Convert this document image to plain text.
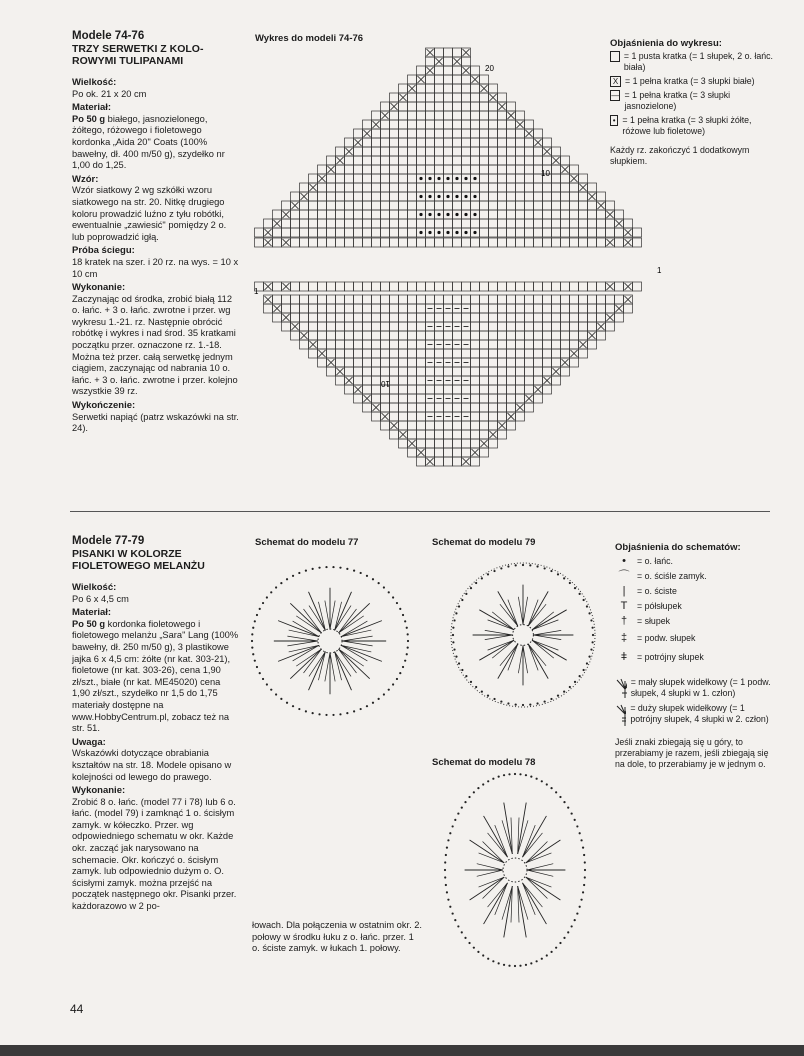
Modele 74-76

TRZY SERWETKI Z KOLO-

ROWYMI TULIPANAMI

Wielkość:

Po ok. 21 x 20 cm

Materiał:

Po 50 g białego, jasnozielonego, żółtego, różowego i fioletowego kordonka „Aida 20" Coats (100% bawełny, dł. 400 m/50 g), szydełko nr 1,00 do 1,25.

Wzór:

Wzór siatkowy 2 wg szkółki wzoru siatkowego na str. 20. Nitkę drugiego koloru prowadzić luźno z tyłu robótki, ewentualnie „zawiesić" pomiędzy 2 o. lub poprowadzić igłą.

Próba ściegu:

18 kratek na szer. i 20 rz. na wys. = 10 x 10 cm

Wykonanie:

Zaczynając od środka, zrobić białą 112 o. łańc. + 3 o. łańc. zwrotne i przer. wg wykresu 1.-21. rz. Następnie obrócić robótkę i wykres i nad środ. 35 kratkami początku przer. oznaczone rz. 1.-18. Można też przer. całą serwetkę jednym ciągiem, zaczynając od nabrania 10 o. łańc. + 3 o. łańc. zwrotne i przer. kolejno wszystkie 39 rz.

Wykończenie:

Serwetki napiąć (patrz wskazówki na str. 24).

Wykres do modeli 74-76
20
10
1
1
10
Objaśnienia do wykresu:
= 1 pusta kratka (= 1 słupek, 2 o. łańc. biała)
X = 1 pełna kratka (= 3 słupki białe)
— = 1 pełna kratka (= 3 słupki jasnozielone)
• = 1 pełna kratka (= 3 słupki żółte, różowe lub fioletowe)

Każdy rz. zakończyć 1 dodatkowym słupkiem.

Modele 77-79

PISANKI W KOLORZE

FIOLETOWEGO MELANŻU

Wielkość:

Po 6 x 4,5 cm

Materiał:

Po 50 g kordonka fioletowego i fioletowego melanżu „Sara" Lang (100% bawełny, dł. 250 m/50 g), 3 plastikowe jajka 6 x 4,5 cm: żółte (nr kat. 303-21), fioletowe (nr kat. 303-26), cena 1,90 zł/szt., białe (nr kat. ME45020) cena 1,90 zł/szt., szydełko nr 1,5 do 1,75 materiały dostępne na www.HobbyCentrum.pl, zobacz też na str. 51.

Uwaga:

Wskazówki dotyczące obrabiania kształtów na str. 18. Modele opisano w kolejności od lewego do prawego.

Wykonanie:

Zrobić 8 o. łańc. (model 77 i 78) lub 6 o. łańc. (model 79) i zamknąć 1 o. ścisłym zamyk. w kółeczko. Przer. wg odpowiedniego schematu w okr. Każde okr. zacząć jak narysowano na schemacie. Okr. kończyć o. ścisłym zamyk. lub odpowiednio dużym o. O. ścisłymi zamyk. można przejść na początek następnego okr. Pisanki przer. każdorazowo w 2 po-

łowach. Dla połączenia w ostatnim okr. 2. połowy w środku łuku z o. łańc. przer. 1 o. ściste zamyk. w łukach 1. połowy.
Schemat do modelu 77	Schemat do modelu 79
Schemat do modelu 78
Objaśnienia do schematów:
•	= o. łańc.
⌒ = o. ściśle zamyk.
|	= o. ściste
T	= półsłupek
†	= słupek
‡	= podw. słupek
ǂ	= potrójny słupek
= mały słupek widełkowy (= 1 podw. słupek, 4 słupki w 1. człon)
= duży słupek widełkowy (= 1 potrójny słupek, 4 słupki w 2. człon)

Jeśli znaki zbiegają się u góry, to przerabiamy je razem, jeśli zbiegają się na dole, to przerabiamy je w jednym o.

44
